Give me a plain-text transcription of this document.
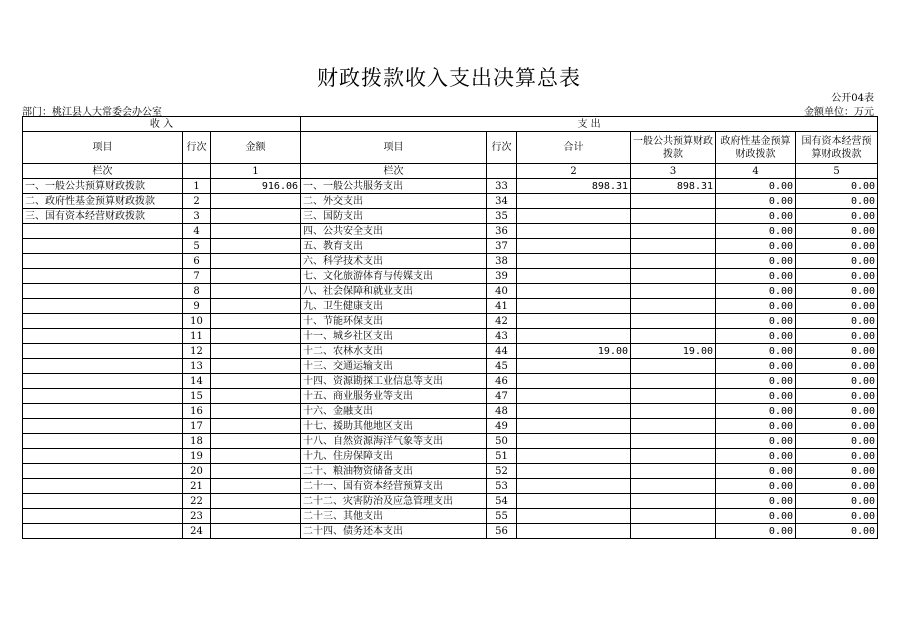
财政拨款收入支出决算总表
公开04表
部门：桃江县人大常委会办公室	金额单位：万元
收 入			支 出					
项目	行次	金额	项目	行次	合计	一般公共预算财政拨款	政府性基金预算财政拨款	国有资本经营预算财政拨款
栏次		1	栏次		2	3	4	5
一、一般公共预算财政拨款	1	916.06	一、一般公共服务支出	33	898.31	898.31	0.00	0.00
二、政府性基金预算财政拨款	2		二、外交支出	34			0.00	0.00
三、国有资本经营财政拨款	3		三、国防支出	35			0.00	0.00
	4		四、公共安全支出	36			0.00	0.00
	5		五、教育支出	37			0.00	0.00
	6		六、科学技术支出	38			0.00	0.00
	7		七、文化旅游体育与传媒支出	39			0.00	0.00
	8		八、社会保障和就业支出	40			0.00	0.00
	9		九、卫生健康支出	41			0.00	0.00
	10		十、节能环保支出	42			0.00	0.00
	11		十一、城乡社区支出	43			0.00	0.00
	12		十二、农林水支出	44	19.00	19.00	0.00	0.00
	13		十三、交通运输支出	45			0.00	0.00
	14		十四、资源勘探工业信息等支出	46			0.00	0.00
	15		十五、商业服务业等支出	47			0.00	0.00
	16		十六、金融支出	48			0.00	0.00
	17		十七、援助其他地区支出	49			0.00	0.00
	18		十八、自然资源海洋气象等支出	50			0.00	0.00
	19		十九、住房保障支出	51			0.00	0.00
	20		二十、粮油物资储备支出	52			0.00	0.00
	21		二十一、国有资本经营预算支出	53			0.00	0.00
	22		二十二、灾害防治及应急管理支出	54			0.00	0.00
	23		二十三、其他支出	55			0.00	0.00
	24		二十四、债务还本支出	56			0.00	0.00
